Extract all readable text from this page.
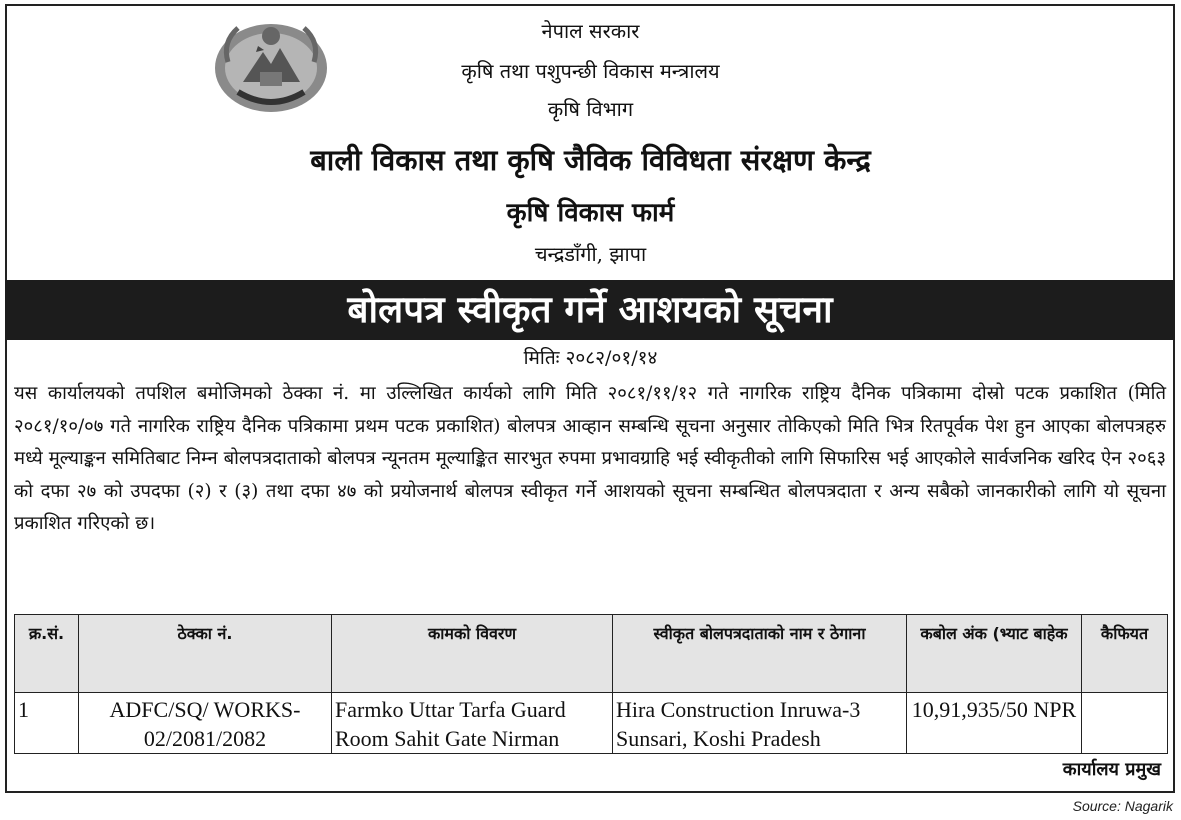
नेपाल सरकार
कृषि तथा पशुपन्छी विकास मन्त्रालय
कृषि विभाग
बाली विकास तथा कृषि जैविक विविधता संरक्षण केन्द्र
कृषि विकास फार्म
चन्द्रडाँगी, झापा
बोलपत्र स्वीकृत गर्ने आशयको सूचना
मितिः २०८२/०१/१४
यस कार्यालयको तपशिल बमोजिमको ठेक्का नं. मा उल्लिखित कार्यको लागि मिति २०८१/११/१२ गते नागरिक राष्ट्रिय दैनिक पत्रिकामा दोस्रो पटक प्रकाशित (मिति २०८१/१०/०७ गते नागरिक राष्ट्रिय दैनिक पत्रिकामा प्रथम पटक प्रकाशित) बोलपत्र आव्हान सम्बन्धि सूचना अनुसार तोकिएको मिति भित्र रितपूर्वक पेश हुन आएका बोलपत्रहरु मध्ये मूल्याङ्कन समितिबाट निम्न बोलपत्रदाताको बोलपत्र न्यूनतम मूल्याङ्कित सारभुत रुपमा प्रभावग्राहि भई स्वीकृतीको लागि सिफारिस भई आएकोले सार्वजनिक खरिद ऐन २०६३ को दफा २७ को उपदफा (२) र (३) तथा दफा ४७ को प्रयोजनार्थ बोलपत्र स्वीकृत गर्ने आशयको सूचना सम्बन्धित बोलपत्रदाता र अन्य सबैको जानकारीको लागि यो सूचना प्रकाशित गरिएको छ।
क्र.सं.	ठेक्का नं.	कामको विवरण	स्वीकृत बोलपत्रदाताको नाम र ठेगाना	कबोल अंक (भ्याट बाहेक	कैफियत
1	ADFC/SQ/ WORKS-02/2081/2082	Farmko Uttar Tarfa Guard Room Sahit Gate Nirman	Hira Construction Inruwa-3 Sunsari, Koshi Pradesh	10,91,935/50 NPR	
कार्यालय प्रमुख
Source: Nagarik
